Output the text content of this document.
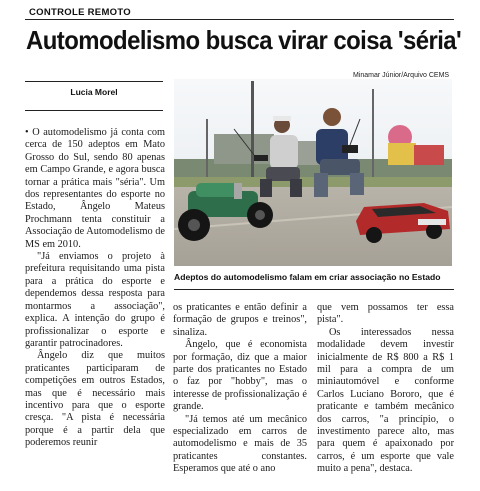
CONTROLE REMOTO
Automodelismo busca virar coisa 'séria'
Minamar Júnior/Arquivo CEMS
Lucia Morel
Adeptos do automodelismo falam em criar associação no Estado

• O automodelismo já conta com cerca de 150 adeptos em Mato Grosso do Sul, sendo 80 apenas em Campo Grande, e agora busca tornar a prática mais "séria". Um dos representantes do esporte no Estado, Ângelo Mateus Prochmann tenta constituir a Associação de Automodelismo de MS em 2010.

"Já enviamos o projeto à prefeitura requisitando uma pista para a prática do esporte e dependemos dessa resposta para montarmos a associação", explica. A intenção do grupo é profissionalizar o esporte e garantir patrocinadores.

Ângelo diz que muitos praticantes participaram de competições em outros Estados, mas que é necessário mais incentivo para que o esporte cresça. "A pista é necessária porque é a partir dela que poderemos reunir

os praticantes e então definir a formação de grupos e treinos", sinaliza.

Ângelo, que é economista por formação, diz que a maior parte dos praticantes no Estado o faz por "hobby", mas o interesse de profissionalização é grande.

"Já temos até um mecânico especializado em carros de automodelismo e mais de 35 praticantes constantes. Esperamos que até o ano

que vem possamos ter essa pista".

Os interessados nessa modalidade devem investir inicialmente de R$ 800 a R$ 1 mil para a compra de um miniautomóvel e conforme Carlos Luciano Bororo, que é praticante e também mecânico dos carros, "a princípio, o investimento parece alto, mas para quem é apaixonado por carros, é um esporte que vale muito a pena", destaca.
